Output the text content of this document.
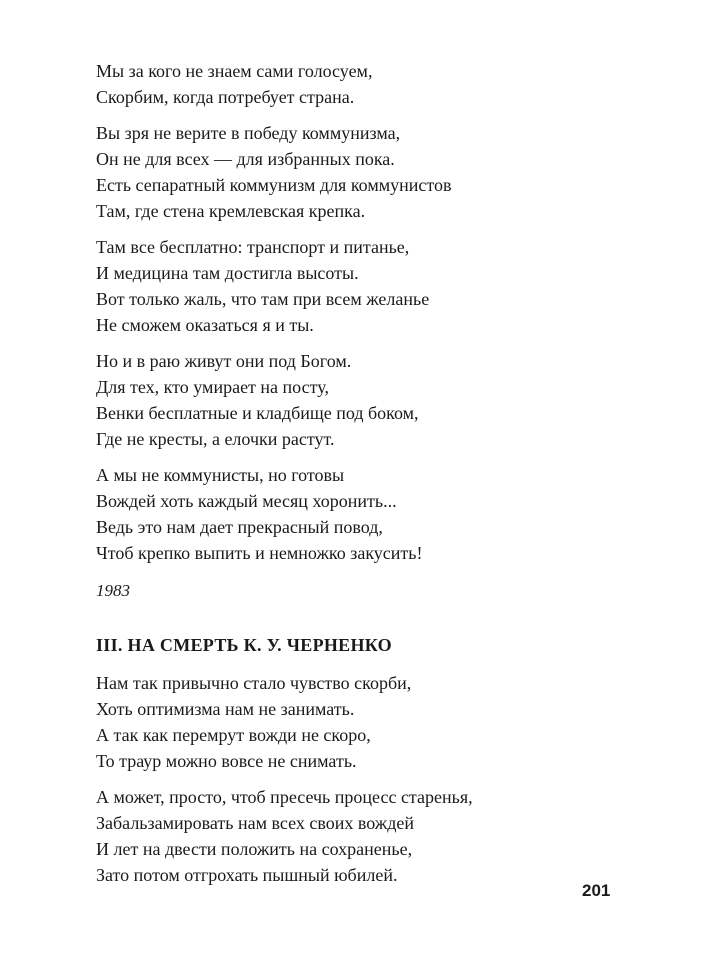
Мы за кого не знаем сами голосуем,

Скорбим, когда потребует страна.

Вы зря не верите в победу коммунизма,

Он не для всех — для избранных пока.

Есть сепаратный коммунизм для коммунистов

Там, где стена кремлевская крепка.

Там все бесплатно: транспорт и питанье,

И медицина там достигла высоты.

Вот только жаль, что там при всем желанье

Не сможем оказаться я и ты.

Но и в раю живут они под Богом.

Для тех, кто умирает на посту,

Венки бесплатные и кладбище под боком,

Где не кресты, а елочки растут.

А мы не коммунисты, но готовы

Вождей хоть каждый месяц хоронить...

Ведь это нам дает прекрасный повод,

Чтоб крепко выпить и немножко закусить!

1983

III. НА СМЕРТЬ К. У. ЧЕРНЕНКО

Нам так привычно стало чувство скорби,

Хоть оптимизма нам не занимать.

А так как перемрут вожди не скоро,

То траур можно вовсе не снимать.

А может, просто, чтоб пресечь процесс старенья,

Забальзамировать нам всех своих вождей

И лет на двести положить на сохраненье,

Зато потом отгрохать пышный юбилей.

201
